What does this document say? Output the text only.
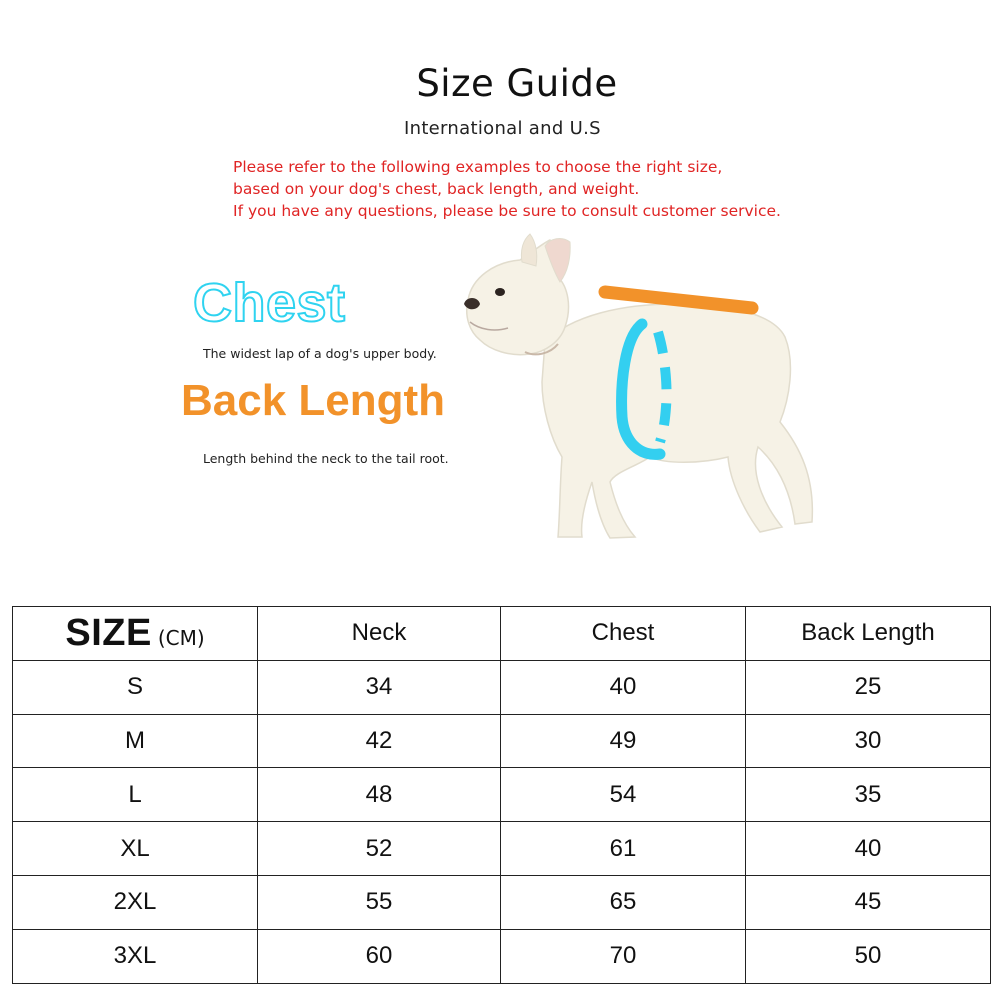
Size Guide
International and U.S
Please refer to the following examples to choose the right size,
based on your dog's chest, back length, and weight.
If you have any questions, please be sure to consult customer service.
Chest
The widest lap of a dog's upper body.
Back Length
Length behind the neck to the tail root.
SIZE (CM)	Neck	Chest	Back Length
S	34	40	25
M	42	49	30
L	48	54	35
XL	52	61	40
2XL	55	65	45
3XL	60	70	50
